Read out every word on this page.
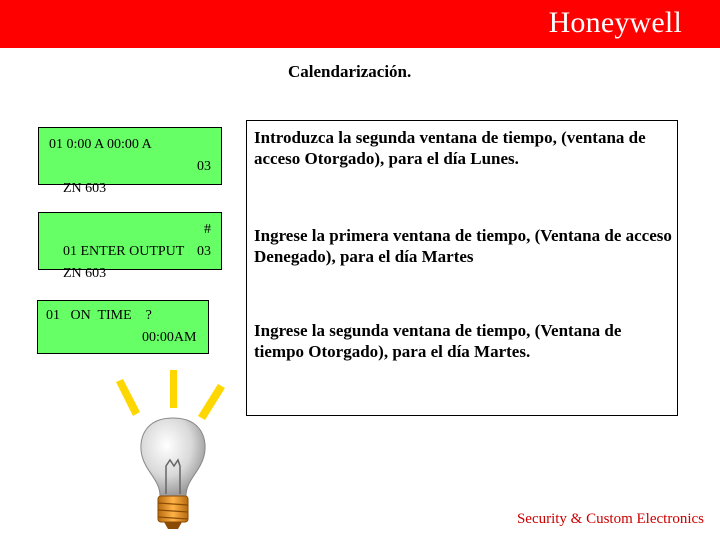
Honeywell
Calendarización.
01 0:00 A 00:00 A

ZN 603

03

01 ENTER OUTPUT

#

ZN 603

03

01   ON  TIME    ?
00:00AM
Introduzca la segunda ventana de tiempo, (ventana de acceso Otorgado), para el día Lunes.
Ingrese la primera ventana de tiempo, (Ventana de acceso Denegado), para el día Martes
Ingrese la segunda ventana de tiempo, (Ventana de tiempo Otorgado), para el día Martes.
Security & Custom Electronics
